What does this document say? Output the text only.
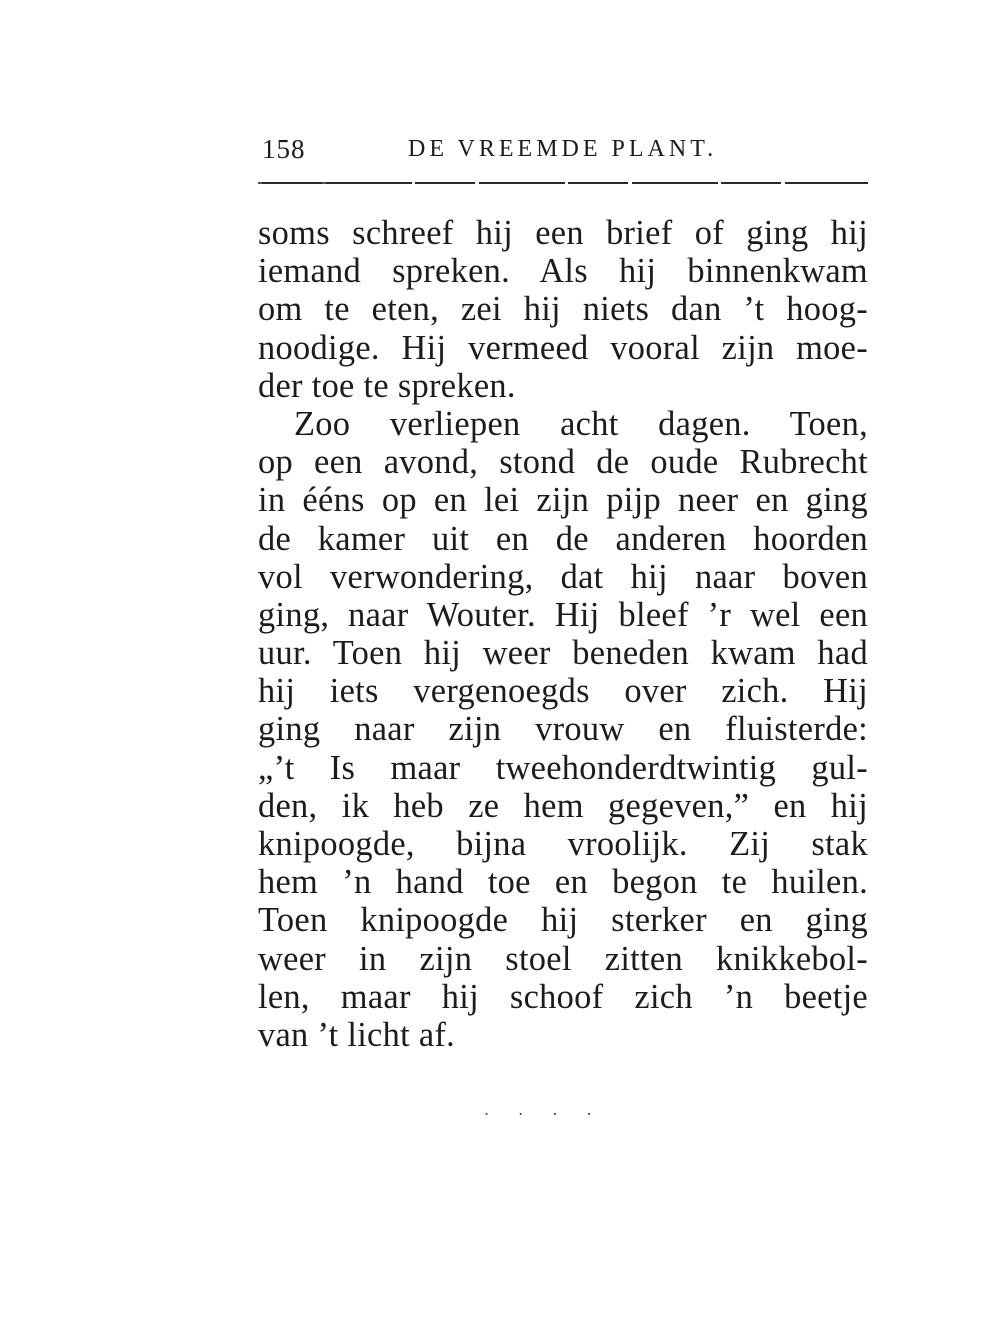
158	DE VREEMDE PLANT.
soms schreef hij een brief of ging hij
iemand spreken. Als hij binnenkwam
om te eten, zei hij niets dan ’t hoog-
noodige. Hij vermeed vooral zijn moe-
der toe te spreken.
Zoo verliepen acht dagen. Toen,
op een avond, stond de oude Rubrecht
in ééns op en lei zijn pijp neer en ging
de kamer uit en de anderen hoorden
vol verwondering, dat hij naar boven
ging, naar Wouter. Hij bleef ’r wel een
uur. Toen hij weer beneden kwam had
hij iets vergenoegds over zich. Hij
ging naar zijn vrouw en fluisterde:
„’t Is maar tweehonderdtwintig gul-
den, ik heb ze hem gegeven,” en hij
knipoogde, bijna vroolijk. Zij stak
hem ’n hand toe en begon te huilen.
Toen knipoogde hij sterker en ging
weer in zijn stoel zitten knikkebol-
len, maar hij schoof zich ’n beetje
van ’t licht af.
. . . .
